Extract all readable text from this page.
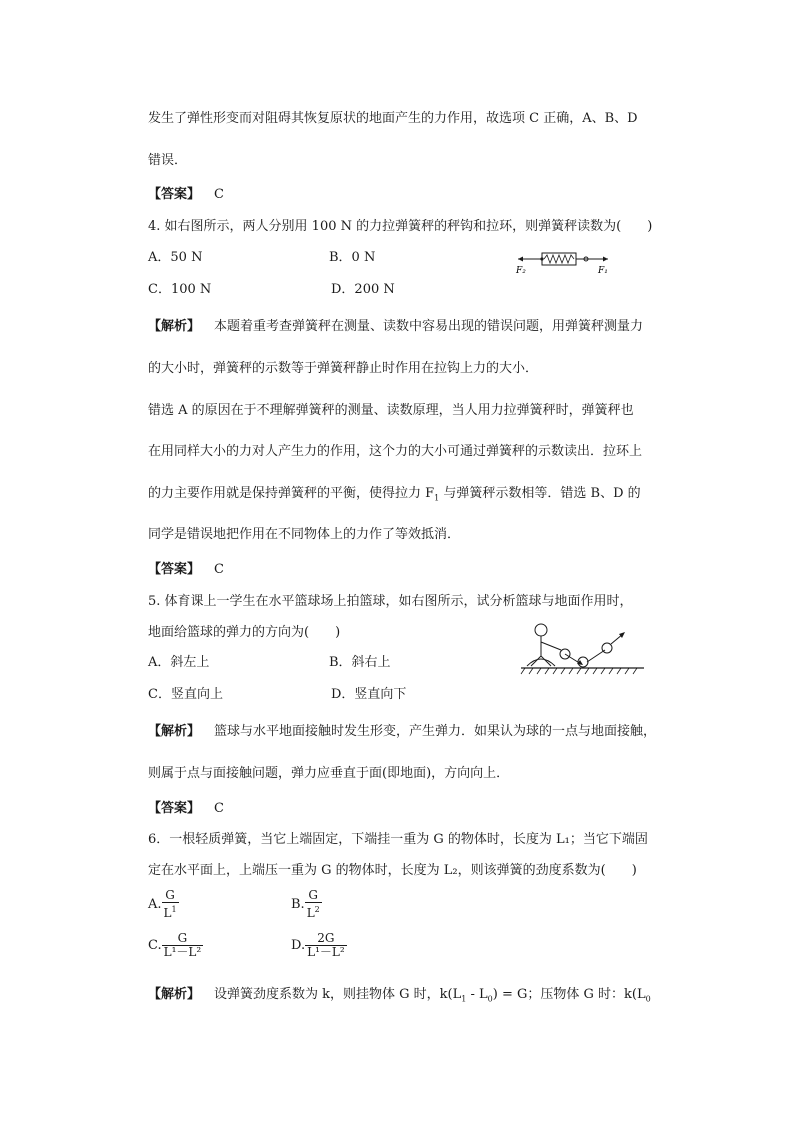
发生了弹性形变而对阻碍其恢复原状的地面产生的力作用，故选项 C 正确，A、B、D
错误．
【答案】 C
4. 如右图所示，两人分别用 100 N 的力拉弹簧秤的秤钩和拉环，则弹簧秤读数为(　　)
A．50 N	B．0 N
C．100 N	D．200 N
F₂	F₁
【解析】 本题着重考查弹簧秤在测量、读数中容易出现的错误问题，用弹簧秤测量力
的大小时，弹簧秤的示数等于弹簧秤静止时作用在拉钩上力的大小．
错选 A 的原因在于不理解弹簧秤的测量、读数原理，当人用力拉弹簧秤时，弹簧秤也
在用同样大小的力对人产生力的作用，这个力的大小可通过弹簧秤的示数读出．拉环上
的力主要作用就是保持弹簧秤的平衡，使得拉力 $F_1$ 与弹簧秤示数相等．错选 B、D 的
同学是错误地把作用在不同物体上的力作了等效抵消．
【答案】 C
5. 体育课上一学生在水平篮球场上拍篮球，如右图所示，试分析篮球与地面作用时，
地面给篮球的弹力的方向为(　　)
A．斜左上	B．斜右上
C．竖直向上	D．竖直向下
【解析】 篮球与水平地面接触时发生形变，产生弹力．如果认为球的一点与地面接触，
则属于点与面接触问题，弹力应垂直于面(即地面)，方向向上．
【答案】 C
6．一根轻质弹簧，当它上端固定，下端挂一重为 G 的物体时，长度为 L₁；当它下端固
定在水平面上，上端压一重为 G 的物体时，长度为 L₂，则该弹簧的劲度系数为(　　)
A. $\frac{G}{L^1}$	B. $\frac{G}{L^2}$
C. $\frac{G}{\text{L¹－L²}}$	D. $\frac{2G}{\text{L¹－L²}}$
【解析】 设弹簧劲度系数为 k，则挂物体 G 时，$k(L_1 - L_0) = G$；压物体 G 时：$k(L_0$
